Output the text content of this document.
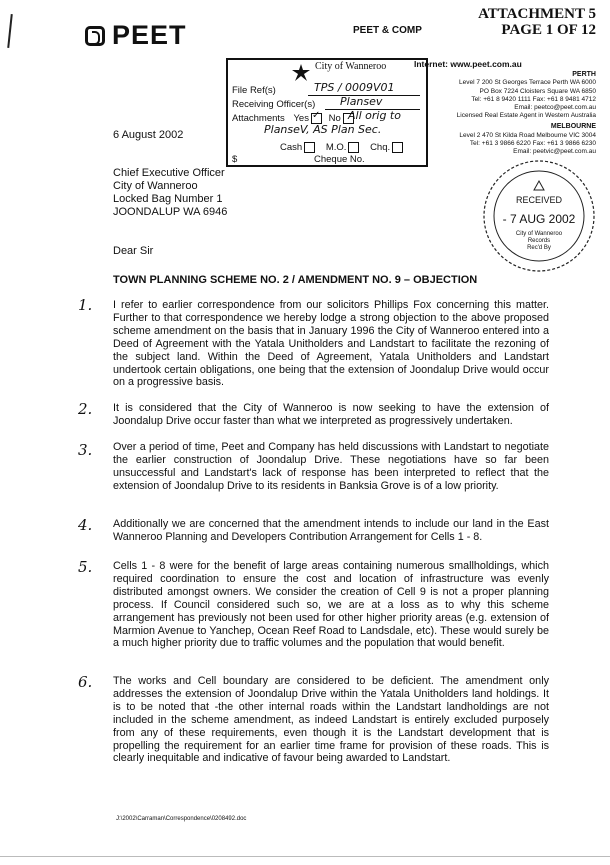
PEET	PEET & COMP
ATTACHMENT 5
PAGE 1 OF 12
Internet: www.peet.com.au
PERTH
Level 7 200 St Georges Terrace Perth WA 6000
PO Box 7224 Cloisters Square WA 6850
Tel: +61 8 9420 1111 Fax: +61 8 9481 4712
Email: peetco@peet.com.au
Licensed Real Estate Agent in Western Australia
MELBOURNE
Level 2 470 St Kilda Road Melbourne VIC 3004
Tel: +61 3 9866 6220 Fax: +61 3 9866 6230
Email: peetvic@peet.com.au
City of Wanneroo
File Ref(s)	TPS / 0009V01
Receiving Officer(s) Plansev
Attachments Yes ✓ No All orig to
PlanseV, AS Plan Sec.
Cash M.O. Chq.
$	Cheque No.
RECEIVED
- 7 AUG 2002
City of Wanneroo
Records
Rec'd By
6 August 2002
Chief Executive Officer
City of Wanneroo
Locked Bag Number 1
JOONDALUP WA 6946
Dear Sir
TOWN PLANNING SCHEME NO. 2 / AMENDMENT NO. 9 – OBJECTION
1. I refer to earlier correspondence from our solicitors Phillips Fox concerning this matter. Further to that correspondence we hereby lodge a strong objection to the above proposed scheme amendment on the basis that in January 1996 the City of Wanneroo entered into a Deed of Agreement with the Yatala Unitholders and Landstart to facilitate the rezoning of the subject land. Within the Deed of Agreement, Yatala Unitholders and Landstart undertook certain obligations, one being that the extension of Joondalup Drive would occur on a progressive basis.
2. It is considered that the City of Wanneroo is now seeking to have the extension of Joondalup Drive occur faster than what we interpreted as progressively undertaken.
3. Over a period of time, Peet and Company has held discussions with Landstart to negotiate the earlier construction of Joondalup Drive. These negotiations have so far been unsuccessful and Landstart's lack of response has been interpreted to reflect that the extension of Joondalup Drive to its residents in Banksia Grove is of a low priority.
4. Additionally we are concerned that the amendment intends to include our land in the East Wanneroo Planning and Developers Contribution Arrangement for Cells 1 - 8.
5. Cells 1 - 8 were for the benefit of large areas containing numerous smallholdings, which required coordination to ensure the cost and location of infrastructure was evenly distributed amongst owners. We consider the creation of Cell 9 is not a proper planning process. If Council considered such so, we are at a loss as to why this scheme arrangement has previously not been used for other higher priority areas (e.g. extension of Marmion Avenue to Yanchep, Ocean Reef Road to Landsdale, etc). These would surely be a much higher priority due to traffic volumes and the population that would benefit.
6. The works and Cell boundary are considered to be deficient. The amendment only addresses the extension of Joondalup Drive within the Yatala Unitholders land holdings. It is to be noted that -the other internal roads within the Landstart landholdings are not included in the scheme amendment, as indeed Landstart is entirely excluded purposely from any of these requirements, even though it is the Landstart development that is propelling the requirement for an earlier time frame for provision of these roads. This is clearly inequitable and indicative of favour being awarded to Landstart.
J:\2002\Carraman\Correspondence\0208492.doc
